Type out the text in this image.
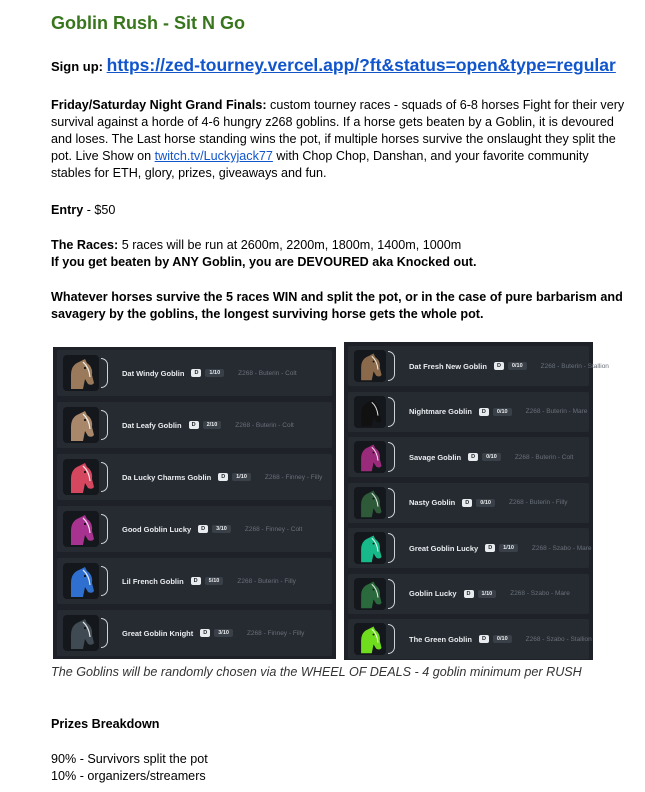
Goblin Rush - Sit N Go
Sign up: https://zed-tourney.vercel.app/?ft&status=open&type=regular

Friday/Saturday Night Grand Finals: custom tourney races - squads of 6-8 horses Fight for their very survival against a horde of 4-6 hungry z268 goblins. If a horse gets beaten by a Goblin, it is devoured and loses. The Last horse standing wins the pot, if multiple horses survive the onslaught they split the pot. Live Show on twitch.tv/Luckyjack77 with Chop Chop, Danshan, and your favorite community stables for ETH, glory, prizes, giveaways and fun.

Entry - $50

The Races: 5 races will be run at 2600m, 2200m, 1800m, 1400m, 1000m
If you get beaten by ANY Goblin, you are DEVOURED aka Knocked out.

Whatever horses survive the 5 races WIN and split the pot, or in the case of pure barbarism and savagery by the goblins, the longest surviving horse gets the whole pot.

Dat Windy Goblin	D	1/10	Z268 - Buterin - Colt
Dat Leafy Goblin	D	2/10	Z268 - Buterin - Colt
Da Lucky Charms Goblin	D	1/10	Z268 - Finney - Filly
Good Goblin Lucky	D	3/10	Z268 - Finney - Colt
Lil French Goblin	D	5/10	Z268 - Buterin - Filly
Great Goblin Knight	D	3/10	Z268 - Finney - Filly
Dat Fresh New Goblin	D	0/10	Z268 - Buterin - Stallion
Nightmare Goblin	D	0/10	Z268 - Buterin - Mare
Savage Goblin	D	0/10	Z268 - Buterin - Colt
Nasty Goblin	D	0/10	Z268 - Buterin - Filly
Great Goblin Lucky	D	1/10	Z268 - Szabo - Mare
Goblin Lucky	D	1/10	Z268 - Szabo - Mare
The Green Goblin	D	0/10	Z268 - Szabo - Stallion

The Goblins will be randomly chosen via the WHEEL OF DEALS - 4 goblin minimum per RUSH

Prizes Breakdown

90% - Survivors split the pot

10% - organizers/streamers
